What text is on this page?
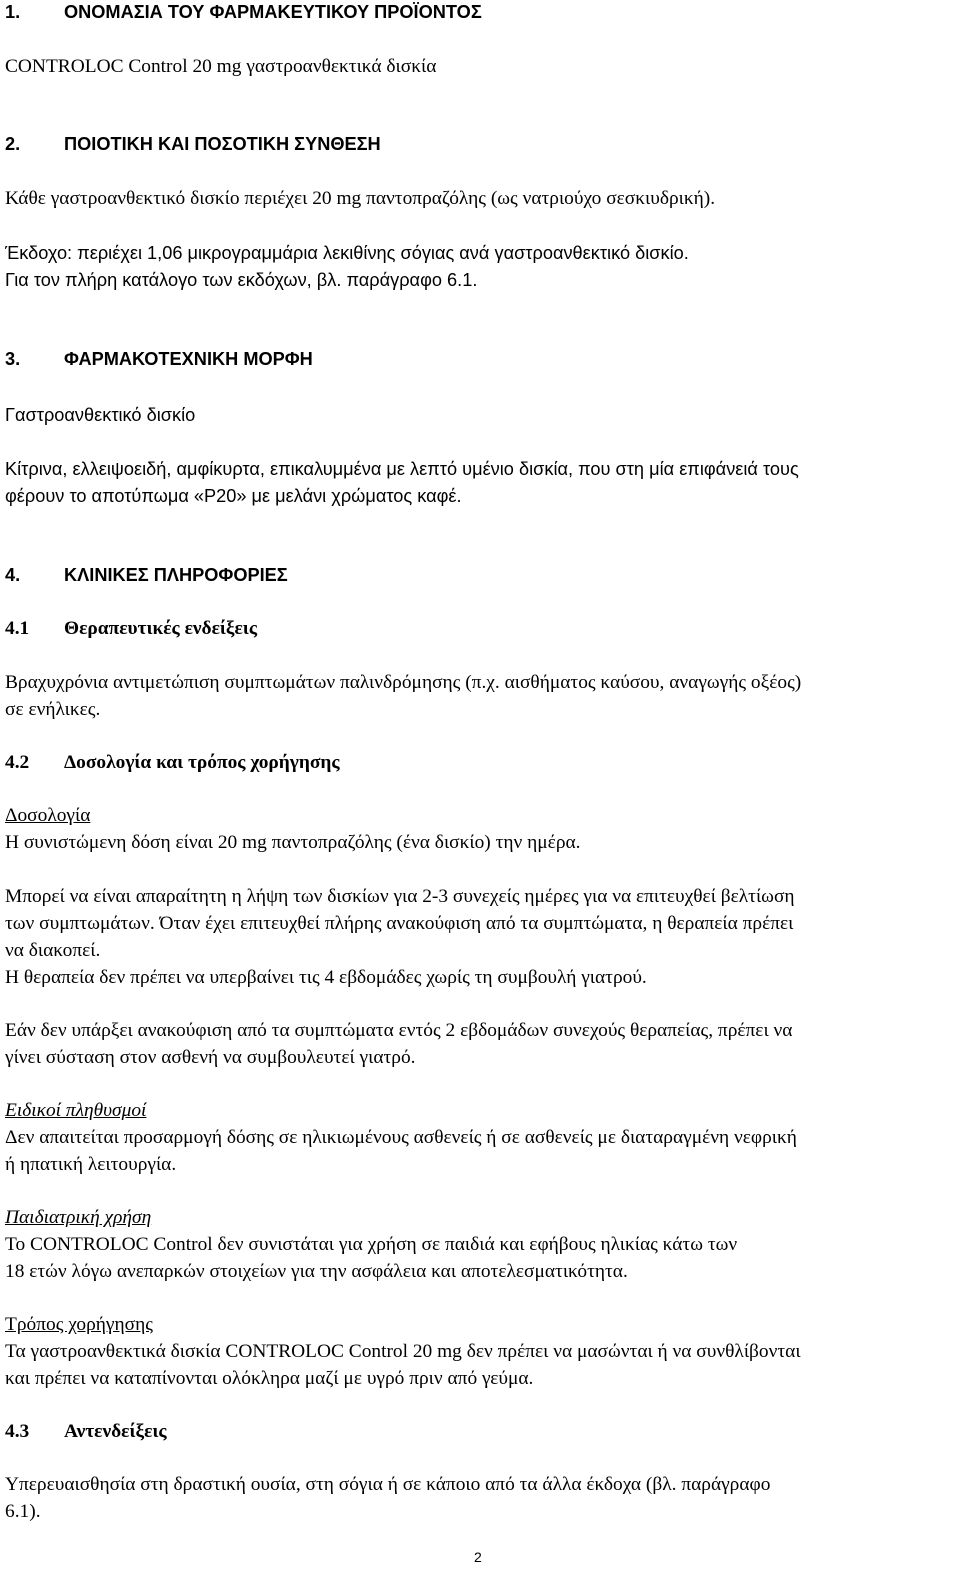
1. ΟΝΟΜΑΣΙΑ ΤΟΥ ΦΑΡΜΑΚΕΥΤΙΚΟΥ ΠΡΟΪΟΝΤΟΣ
CONTROLOC Control 20 mg γαστροανθεκτικά δισκία
2. ΠΟΙΟΤΙΚΗ ΚΑΙ ΠΟΣΟΤΙΚΗ ΣΥΝΘΕΣΗ
Κάθε γαστροανθεκτικό δισκίο περιέχει 20 mg παντοπραζόλης (ως νατριούχο σεσκιυδρική).
Έκδοχο: περιέχει 1,06 μικρογραμμάρια λεκιθίνης σόγιας ανά γαστροανθεκτικό δισκίο.
Για τον πλήρη κατάλογο των εκδόχων, βλ. παράγραφο 6.1.
3. ΦΑΡΜΑΚΟΤΕΧΝΙΚΗ ΜΟΡΦΗ
Γαστροανθεκτικό δισκίο
Κίτρινα, ελλειψοειδή, αμφίκυρτα, επικαλυμμένα με λεπτό υμένιο δισκία, που στη μία επιφάνειά τους
φέρουν το αποτύπωμα «P20» με μελάνι χρώματος καφέ.
4. ΚΛΙΝΙΚΕΣ ΠΛΗΡΟΦΟΡΙΕΣ
4.1 Θεραπευτικές ενδείξεις
Βραχυχρόνια αντιμετώπιση συμπτωμάτων παλινδρόμησης (π.χ. αισθήματος καύσου, αναγωγής οξέος)
σε ενήλικες.
4.2 Δοσολογία και τρόπος χορήγησης
Δοσολογία
Η συνιστώμενη δόση είναι 20 mg παντοπραζόλης (ένα δισκίο) την ημέρα.
Μπορεί να είναι απαραίτητη η λήψη των δισκίων για 2-3 συνεχείς ημέρες για να επιτευχθεί βελτίωση
των συμπτωμάτων. Όταν έχει επιτευχθεί πλήρης ανακούφιση από τα συμπτώματα, η θεραπεία πρέπει
να διακοπεί.
Η θεραπεία δεν πρέπει να υπερβαίνει τις 4 εβδομάδες χωρίς τη συμβουλή γιατρού.
Εάν δεν υπάρξει ανακούφιση από τα συμπτώματα εντός 2 εβδομάδων συνεχούς θεραπείας, πρέπει να
γίνει σύσταση στον ασθενή να συμβουλευτεί γιατρό.
Ειδικοί πληθυσμοί
Δεν απαιτείται προσαρμογή δόσης σε ηλικιωμένους ασθενείς ή σε ασθενείς με διαταραγμένη νεφρική
ή ηπατική λειτουργία.
Παιδιατρική χρήση
Το CONTROLOC Control δεν συνιστάται για χρήση σε παιδιά και εφήβους ηλικίας κάτω των
18 ετών λόγω ανεπαρκών στοιχείων για την ασφάλεια και αποτελεσματικότητα.
Τρόπος χορήγησης
Τα γαστροανθεκτικά δισκία CONTROLOC Control 20 mg δεν πρέπει να μασώνται ή να συνθλίβονται
και πρέπει να καταπίνονται ολόκληρα μαζί με υγρό πριν από γεύμα.
4.3 Αντενδείξεις
Υπερευαισθησία στη δραστική ουσία, στη σόγια ή σε κάποιο από τα άλλα έκδοχα (βλ. παράγραφο
6.1).
2
